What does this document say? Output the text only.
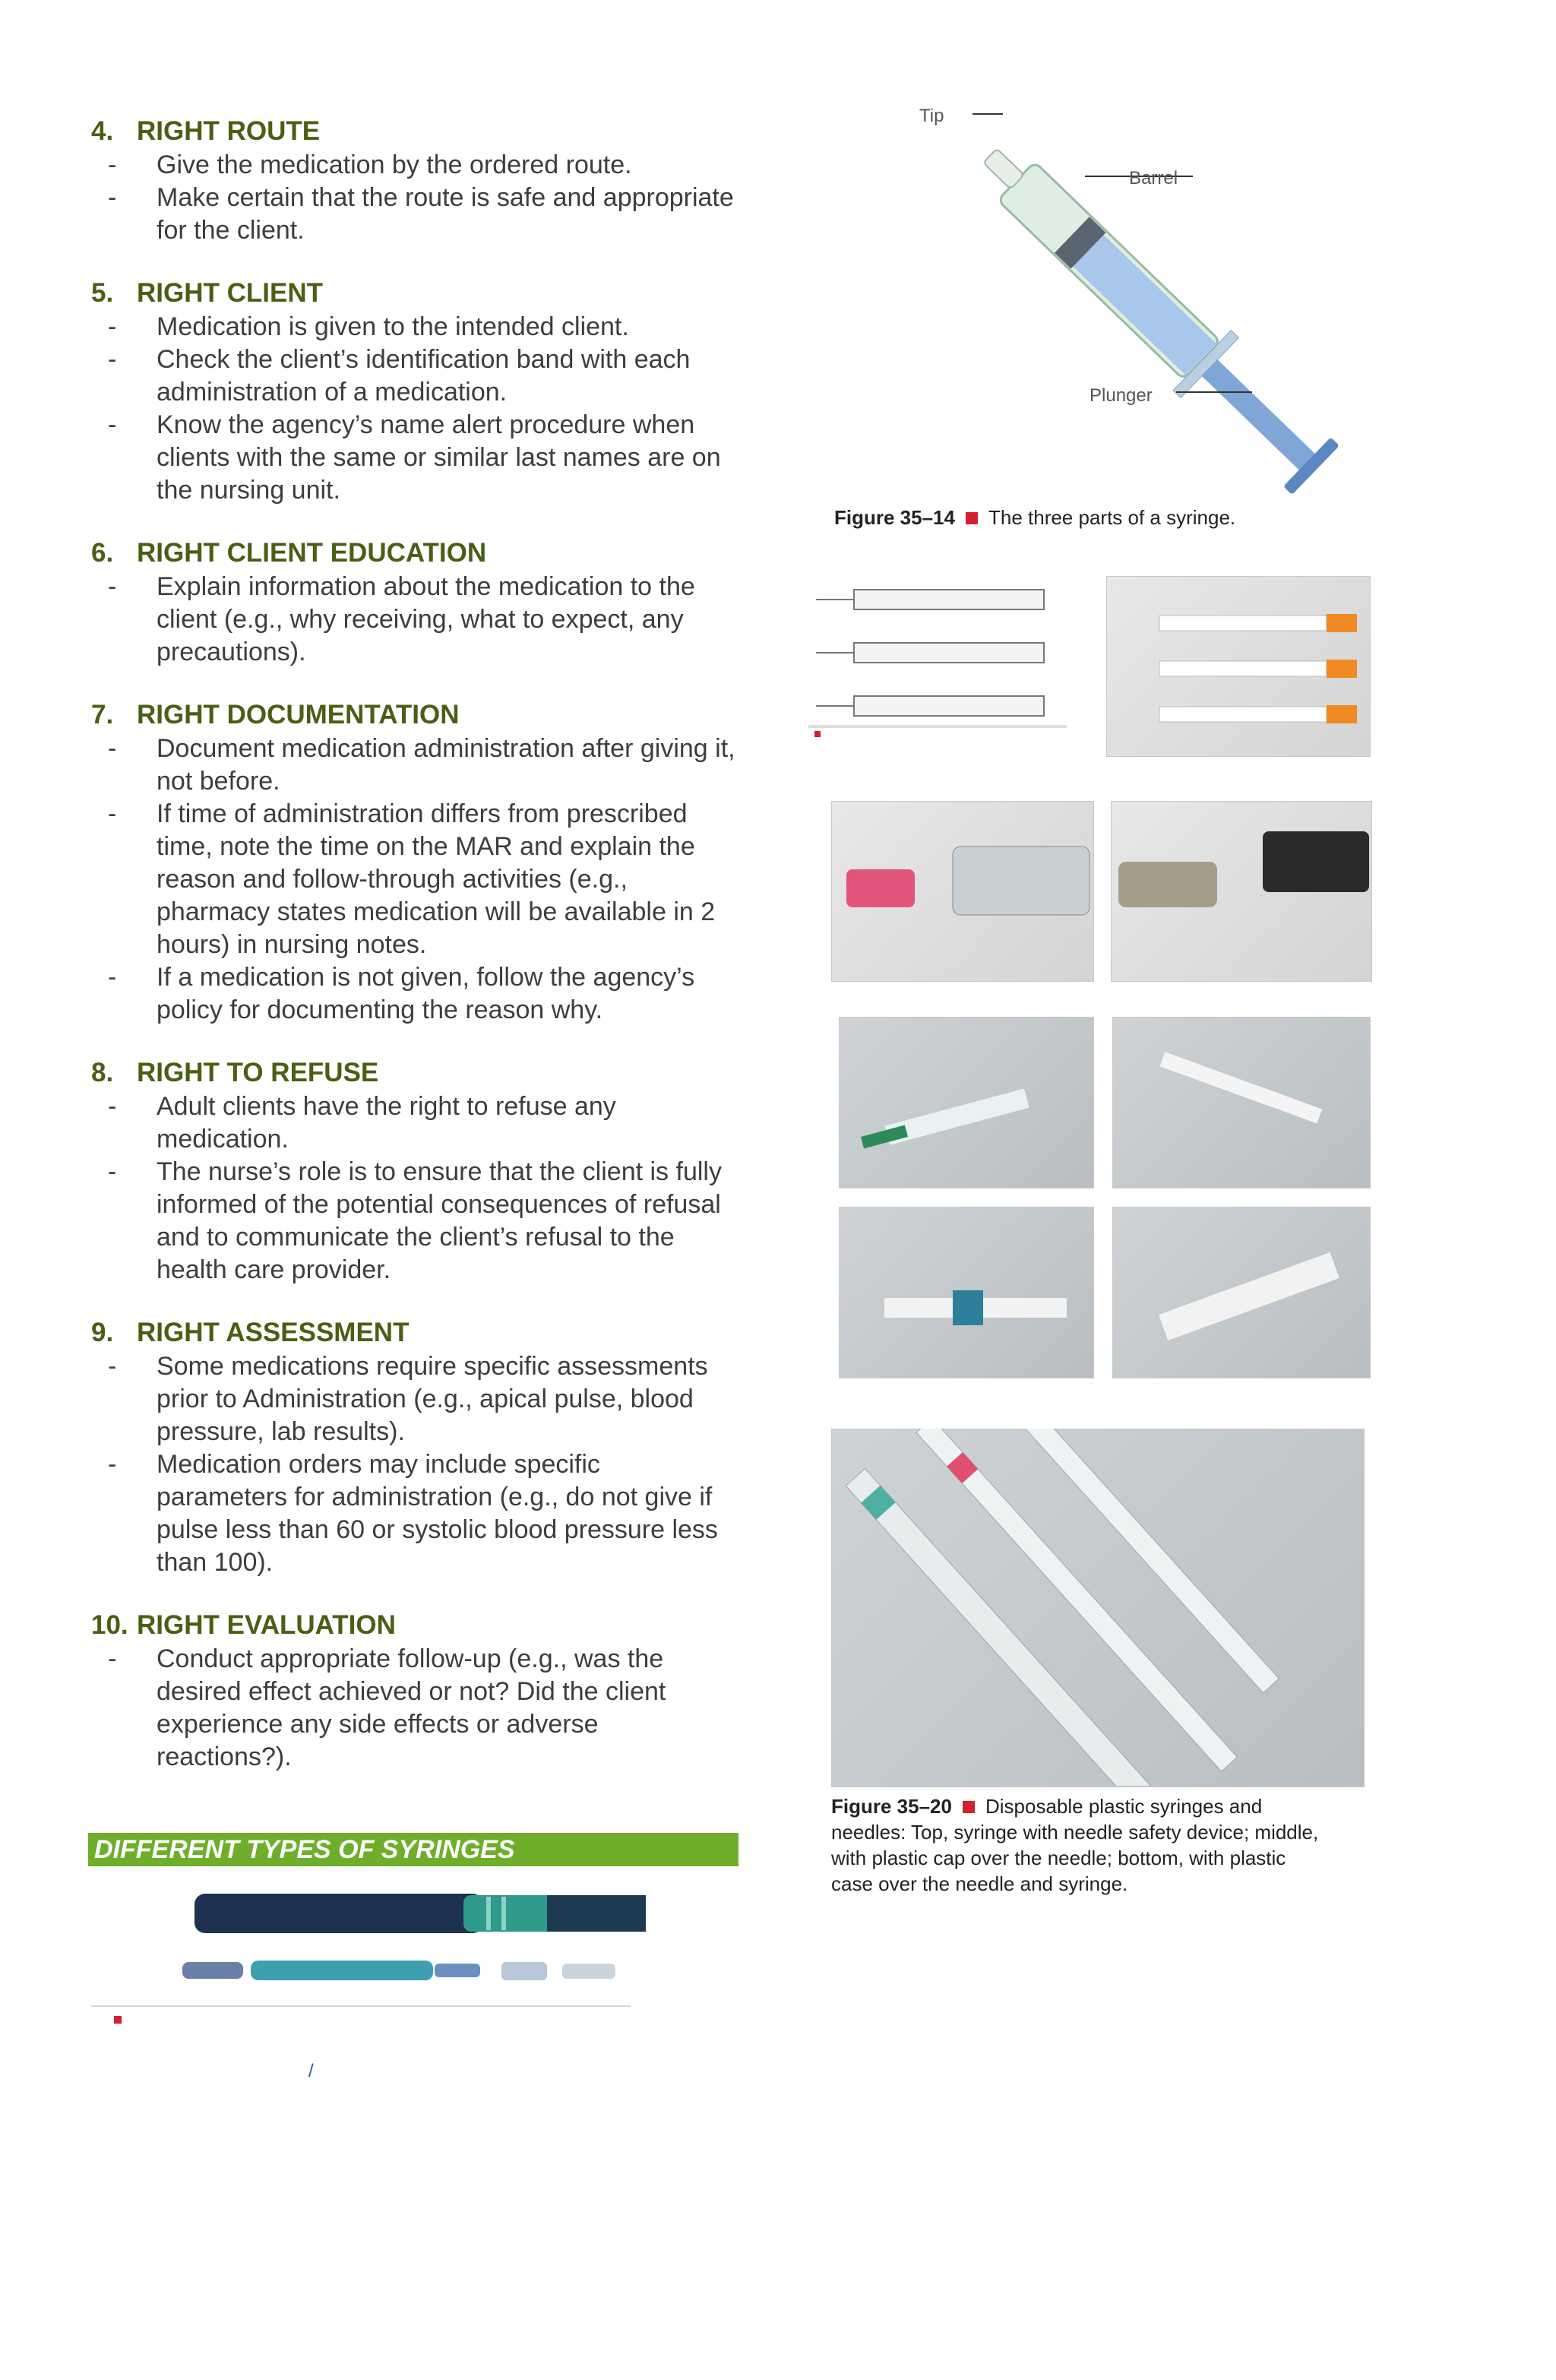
4. RIGHT ROUTE
- Give the medication by the ordered route.
- Make certain that the route is safe and appropriate for the client.
5. RIGHT CLIENT
- Medication is given to the intended client.
- Check the client’s identification band with each administration of a medication.
- Know the agency’s name alert procedure when clients with the same or similar last names are on the nursing unit.
6. RIGHT CLIENT EDUCATION
- Explain information about the medication to the client (e.g., why receiving, what to expect, any precautions).
7. RIGHT DOCUMENTATION
- Document medication administration after giving it, not before.
- If time of administration differs from prescribed time, note the time on the MAR and explain the reason and follow-through activities (e.g., pharmacy states medication will be available in 2 hours) in nursing notes.
- If a medication is not given, follow the agency’s policy for documenting the reason why.
8. RIGHT TO REFUSE
- Adult clients have the right to refuse any medication.
- The nurse’s role is to ensure that the client is fully informed of the potential consequences of refusal and to communicate the client’s refusal to the health care provider.
9. RIGHT ASSESSMENT
- Some medications require specific assessments prior to Administration (e.g., apical pulse, blood pressure, lab results).
- Medication orders may include specific parameters for administration (e.g., do not give if pulse less than 60 or systolic blood pressure less than 100).
10. RIGHT EVALUATION
- Conduct appropriate follow-up (e.g., was the desired effect achieved or not? Did the client experience any side effects or adverse reactions?).
DIFFERENT TYPES OF SYRINGES
/
Tip
Barrel
Plunger
Figure 35–14 The three parts of a syringe.
Figure 35–20 Disposable plastic syringes and needles: Top, syringe with needle safety device; middle, with plastic cap over the needle; bottom, with plastic case over the needle and syringe.
